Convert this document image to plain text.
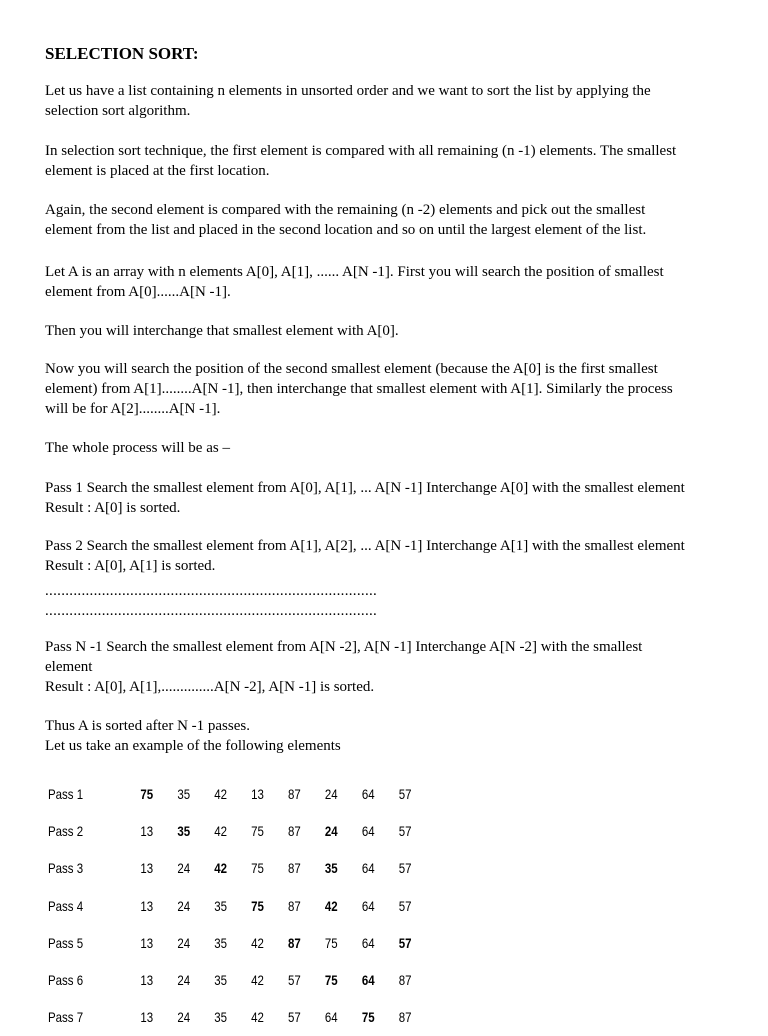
SELECTION SORT:
Let us have a list containing n elements in unsorted order and we want to sort the list by applying the
selection sort algorithm.
In selection sort technique, the first element is compared with all remaining (n -1) elements. The smallest
element is placed at the first location.
Again, the second element is compared with the remaining (n -2) elements and pick out the smallest
element from the list and placed in the second location and so on until the largest element of the list.
Let A is an array with n elements A[0], A[1], ...... A[N -1]. First you will search the position of smallest
element from A[0]......A[N -1].
Then you will interchange that smallest element with A[0].
Now you will search the position of the second smallest element (because the A[0] is the first smallest
element) from A[1]........A[N -1], then interchange that smallest element with A[1]. Similarly the process
will be for A[2]........A[N -1].
The whole process will be as –
Pass 1 Search the smallest element from A[0], A[1], ... A[N -1] Interchange A[0] with the smallest element
Result : A[0] is sorted.
Pass 2 Search the smallest element from A[1], A[2], ... A[N -1] Interchange A[1] with the smallest element
Result : A[0], A[1] is sorted.
Pass N -1 Search the smallest element from A[N -2], A[N -1] Interchange A[N -2] with the smallest
element
Result : A[0], A[1],..............A[N -2], A[N -1] is sorted.
Thus A is sorted after N -1 passes.
Let us take an example of the following elements
..................................................................................
..................................................................................
Pass 1	75	35	42	13	87	24	64	57
Pass 2	13	35	42	75	87	24	64	57
Pass 3	13	24	42	75	87	35	64	57
Pass 4	13	24	35	75	87	42	64	57
Pass 5	13	24	35	42	87	75	64	57
Pass 6	13	24	35	42	57	75	64	87
Pass 7	13	24	35	42	57	64	75	87
